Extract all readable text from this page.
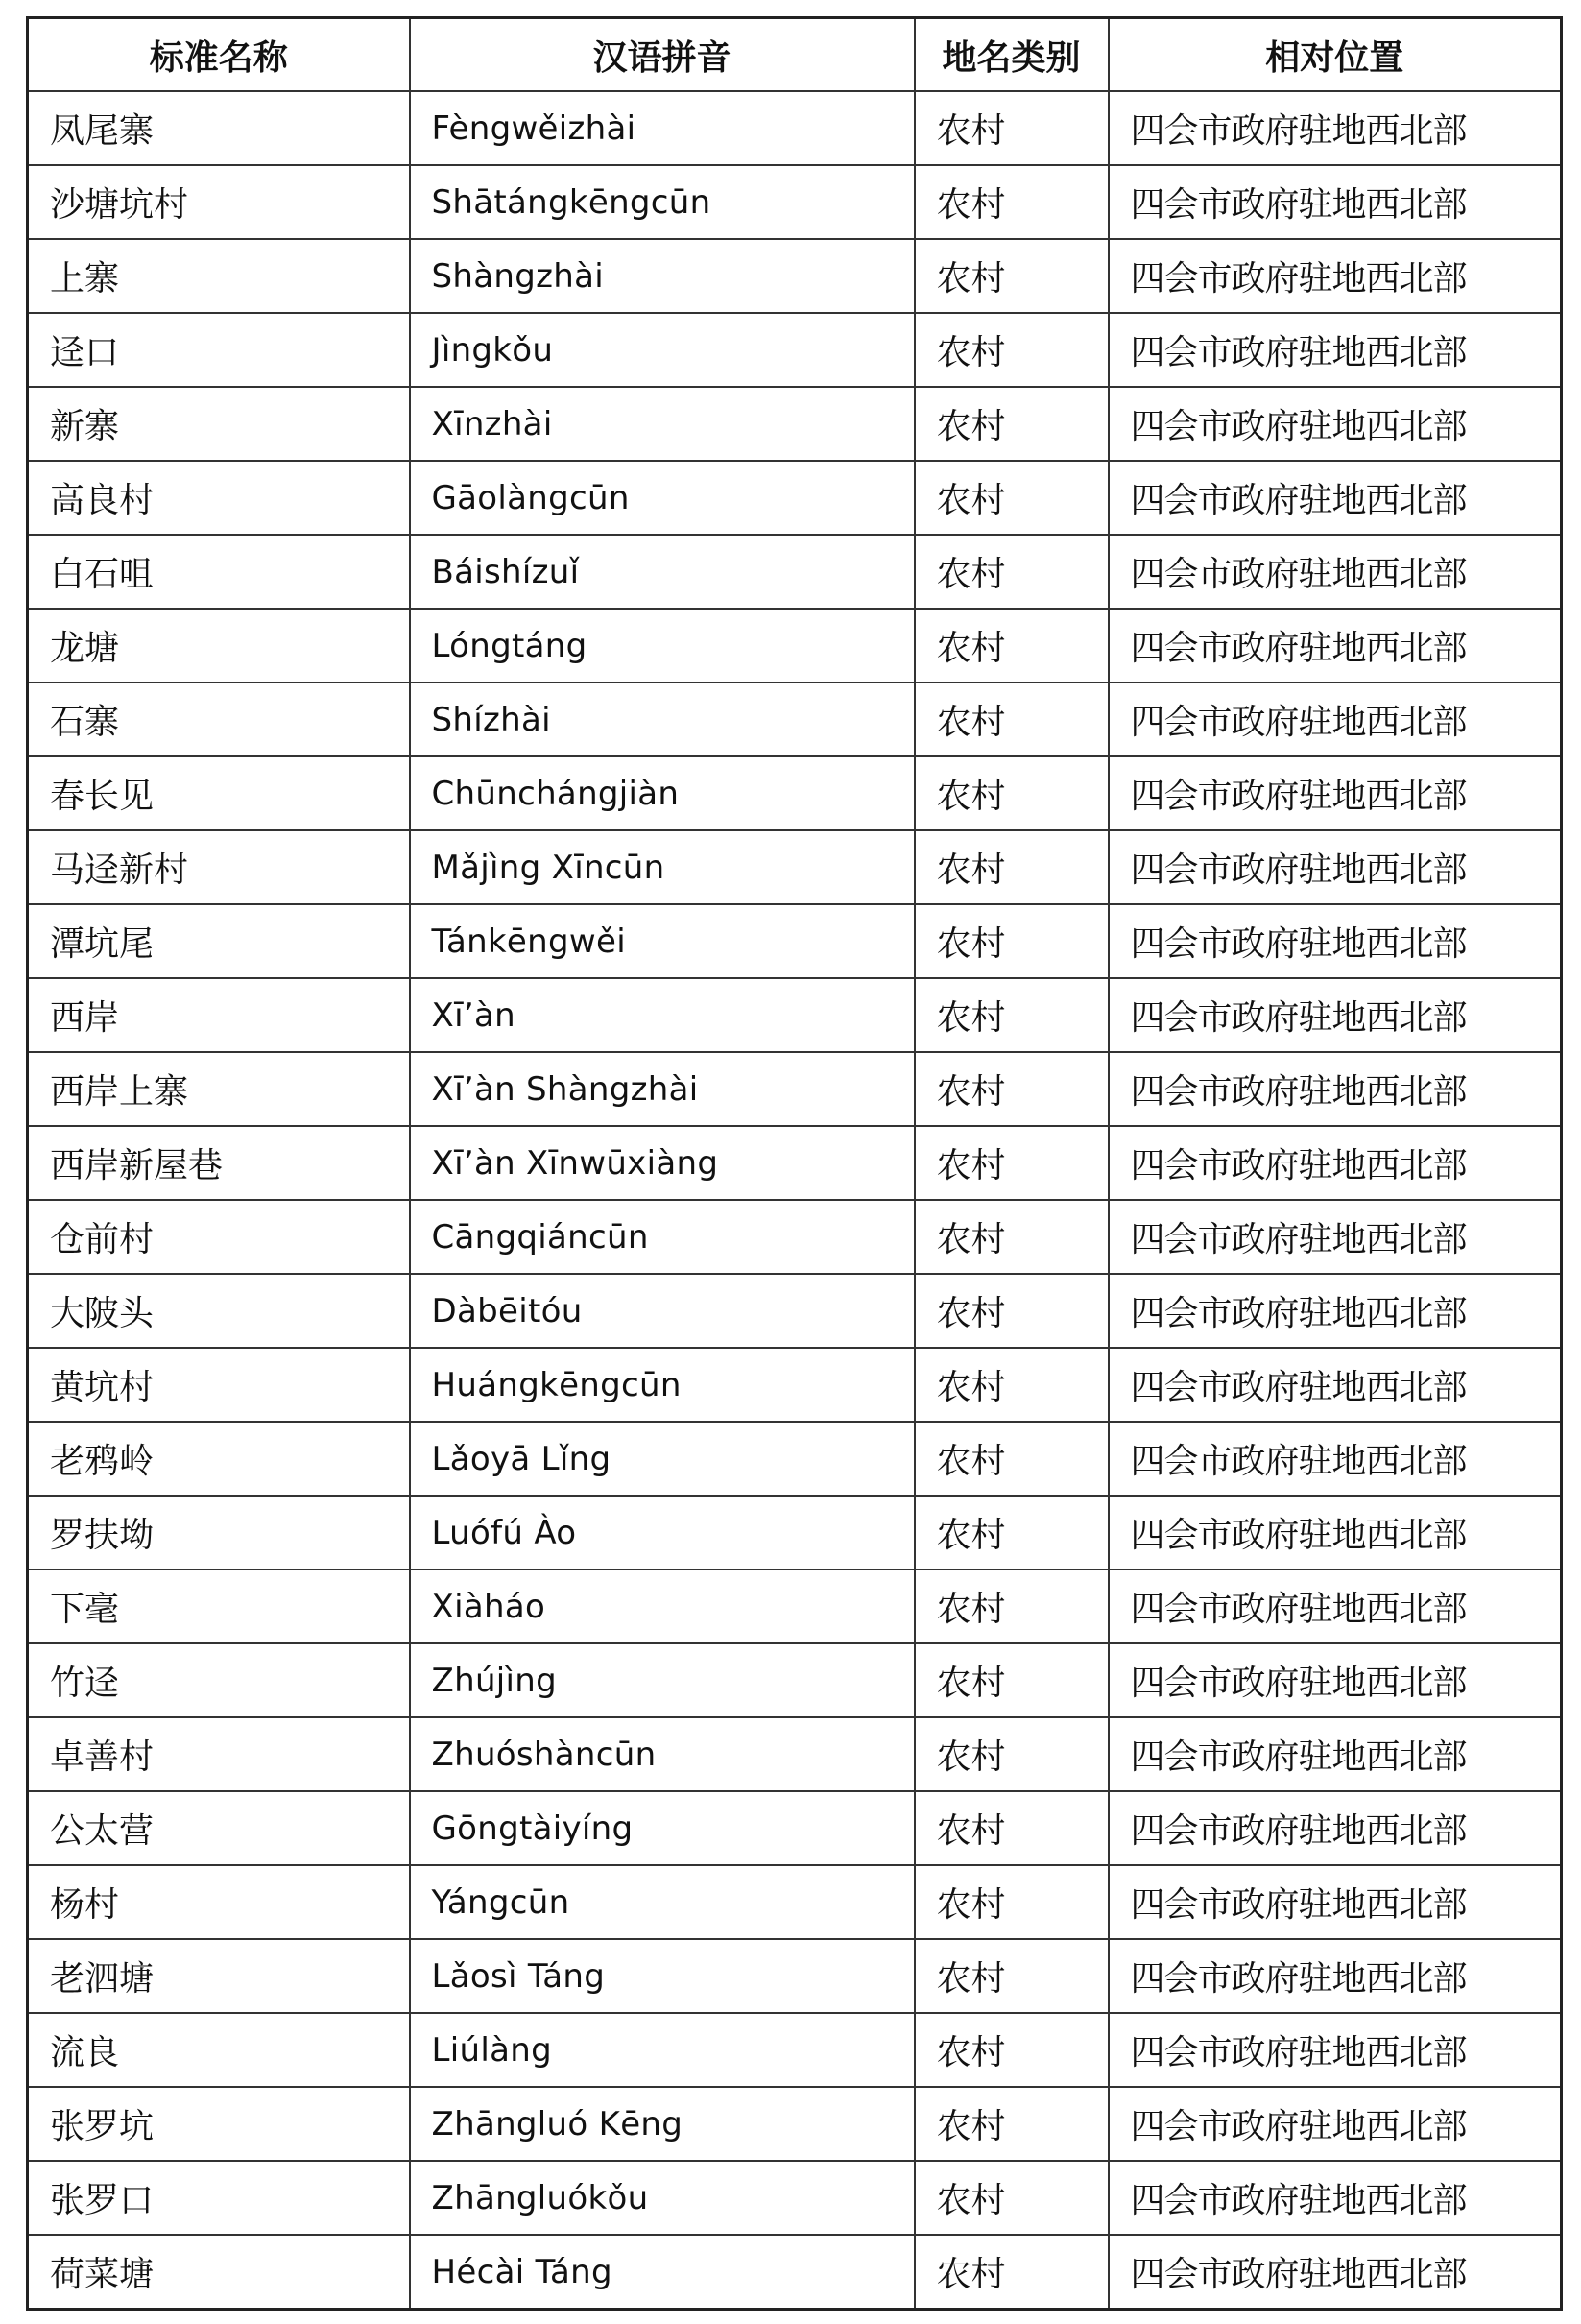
标准名称	汉语拼音	地名类别	相对位置
凤尾寨	Fèngwěizhài	农村	四会市政府驻地西北部
沙塘坑村	Shātángkēngcūn	农村	四会市政府驻地西北部
上寨	Shàngzhài	农村	四会市政府驻地西北部
迳口	Jìngkǒu	农村	四会市政府驻地西北部
新寨	Xīnzhài	农村	四会市政府驻地西北部
高良村	Gāolàngcūn	农村	四会市政府驻地西北部
白石咀	Báishízuǐ	农村	四会市政府驻地西北部
龙塘	Lóngtáng	农村	四会市政府驻地西北部
石寨	Shízhài	农村	四会市政府驻地西北部
春长见	Chūnchángjiàn	农村	四会市政府驻地西北部
马迳新村	Mǎjìng Xīncūn	农村	四会市政府驻地西北部
潭坑尾	Tánkēngwěi	农村	四会市政府驻地西北部
西岸	Xī’àn	农村	四会市政府驻地西北部
西岸上寨	Xī’àn Shàngzhài	农村	四会市政府驻地西北部
西岸新屋巷	Xī’àn Xīnwūxiàng	农村	四会市政府驻地西北部
仓前村	Cāngqiáncūn	农村	四会市政府驻地西北部
大陂头	Dàbēitóu	农村	四会市政府驻地西北部
黄坑村	Huángkēngcūn	农村	四会市政府驻地西北部
老鸦岭	Lǎoyā Lǐng	农村	四会市政府驻地西北部
罗扶坳	Luófú Ào	农村	四会市政府驻地西北部
下毫	Xiàháo	农村	四会市政府驻地西北部
竹迳	Zhújìng	农村	四会市政府驻地西北部
卓善村	Zhuóshàncūn	农村	四会市政府驻地西北部
公太营	Gōngtàiyíng	农村	四会市政府驻地西北部
杨村	Yángcūn	农村	四会市政府驻地西北部
老泗塘	Lǎosì Táng	农村	四会市政府驻地西北部
流良	Liúlàng	农村	四会市政府驻地西北部
张罗坑	Zhāngluó Kēng	农村	四会市政府驻地西北部
张罗口	Zhāngluókǒu	农村	四会市政府驻地西北部
荷菜塘	Hécài Táng	农村	四会市政府驻地西北部
